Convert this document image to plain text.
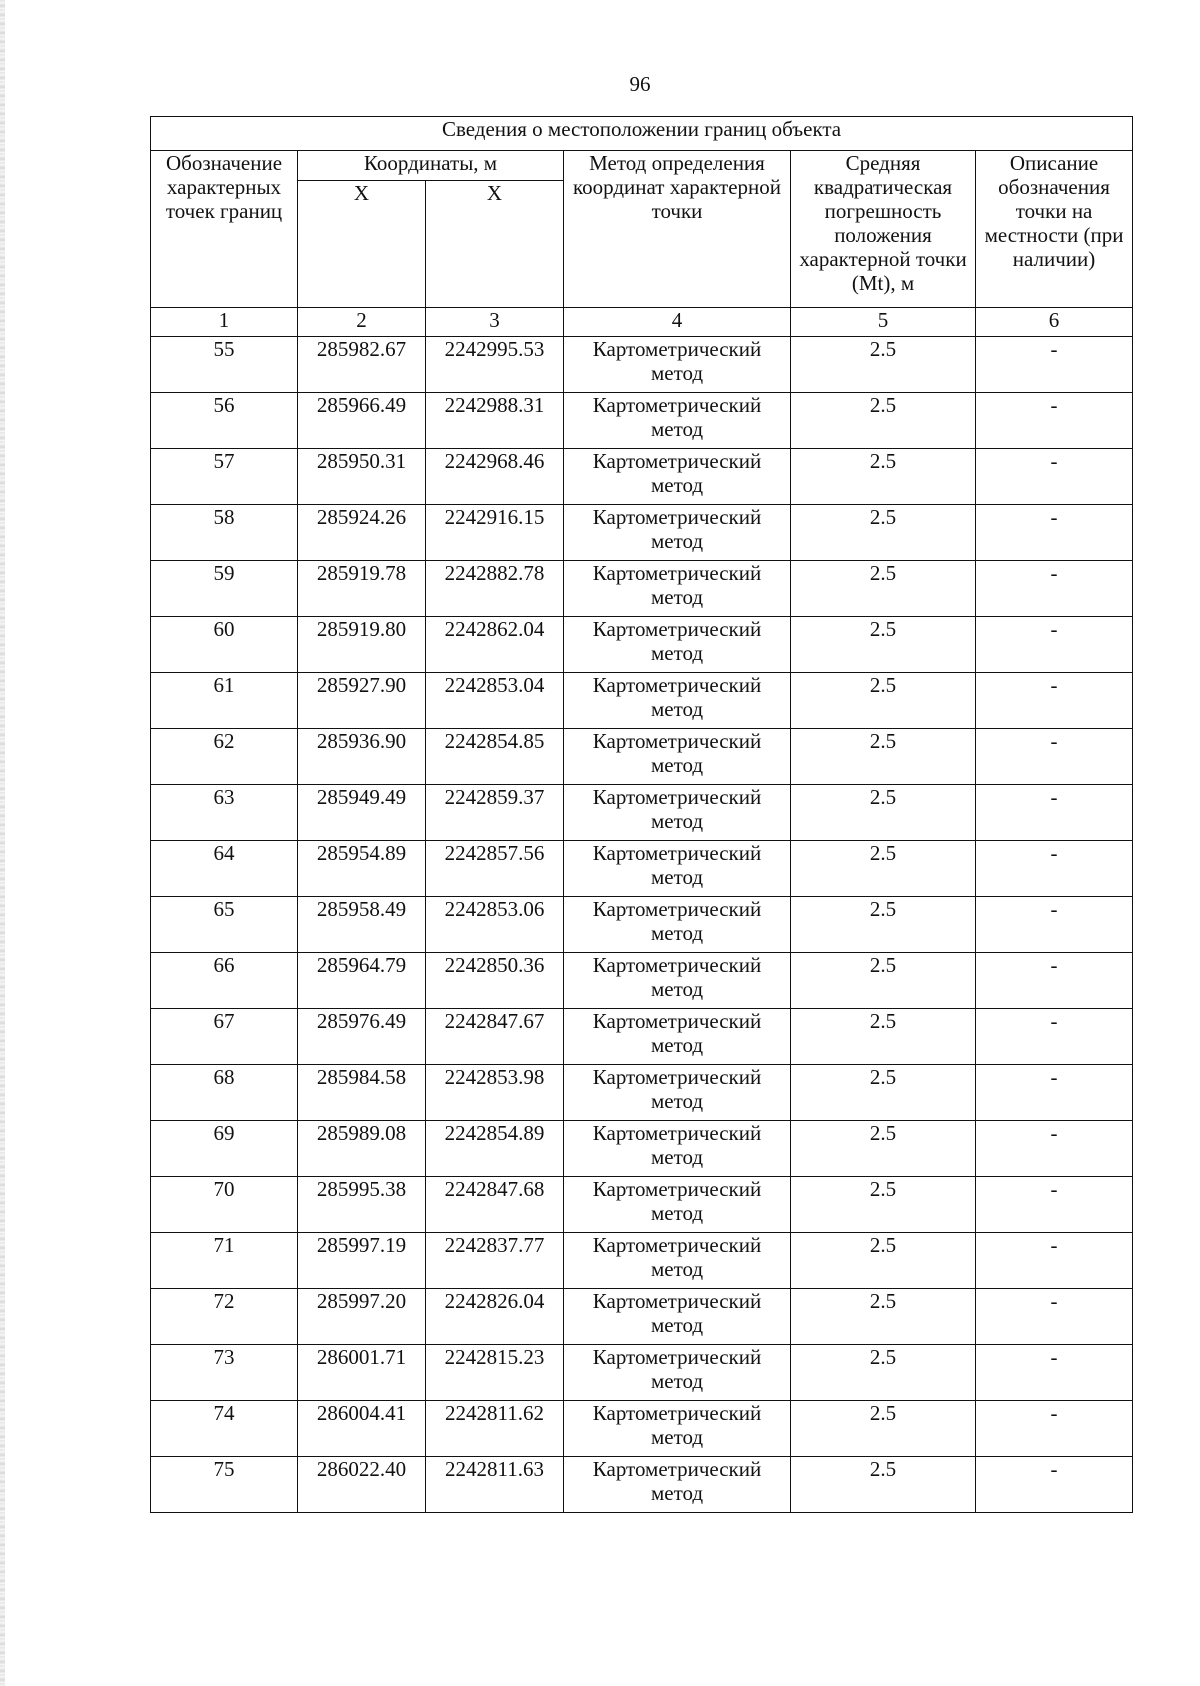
96
Сведения о местоположении границ объекта					
Обозначение характерных точек границ	Координаты, м		Метод определения координат характерной точки	Средняя квадратическая погрешность положения характерной точки (Mt), м	Описание обозначения точки на местности (при наличии)
	X	X			
1	2	3	4	5	6
55	285982.67	2242995.53	Картометрический метод	2.5	-
56	285966.49	2242988.31	Картометрический метод	2.5	-
57	285950.31	2242968.46	Картометрический метод	2.5	-
58	285924.26	2242916.15	Картометрический метод	2.5	-
59	285919.78	2242882.78	Картометрический метод	2.5	-
60	285919.80	2242862.04	Картометрический метод	2.5	-
61	285927.90	2242853.04	Картометрический метод	2.5	-
62	285936.90	2242854.85	Картометрический метод	2.5	-
63	285949.49	2242859.37	Картометрический метод	2.5	-
64	285954.89	2242857.56	Картометрический метод	2.5	-
65	285958.49	2242853.06	Картометрический метод	2.5	-
66	285964.79	2242850.36	Картометрический метод	2.5	-
67	285976.49	2242847.67	Картометрический метод	2.5	-
68	285984.58	2242853.98	Картометрический метод	2.5	-
69	285989.08	2242854.89	Картометрический метод	2.5	-
70	285995.38	2242847.68	Картометрический метод	2.5	-
71	285997.19	2242837.77	Картометрический метод	2.5	-
72	285997.20	2242826.04	Картометрический метод	2.5	-
73	286001.71	2242815.23	Картометрический метод	2.5	-
74	286004.41	2242811.62	Картометрический метод	2.5	-
75	286022.40	2242811.63	Картометрический метод	2.5	-
